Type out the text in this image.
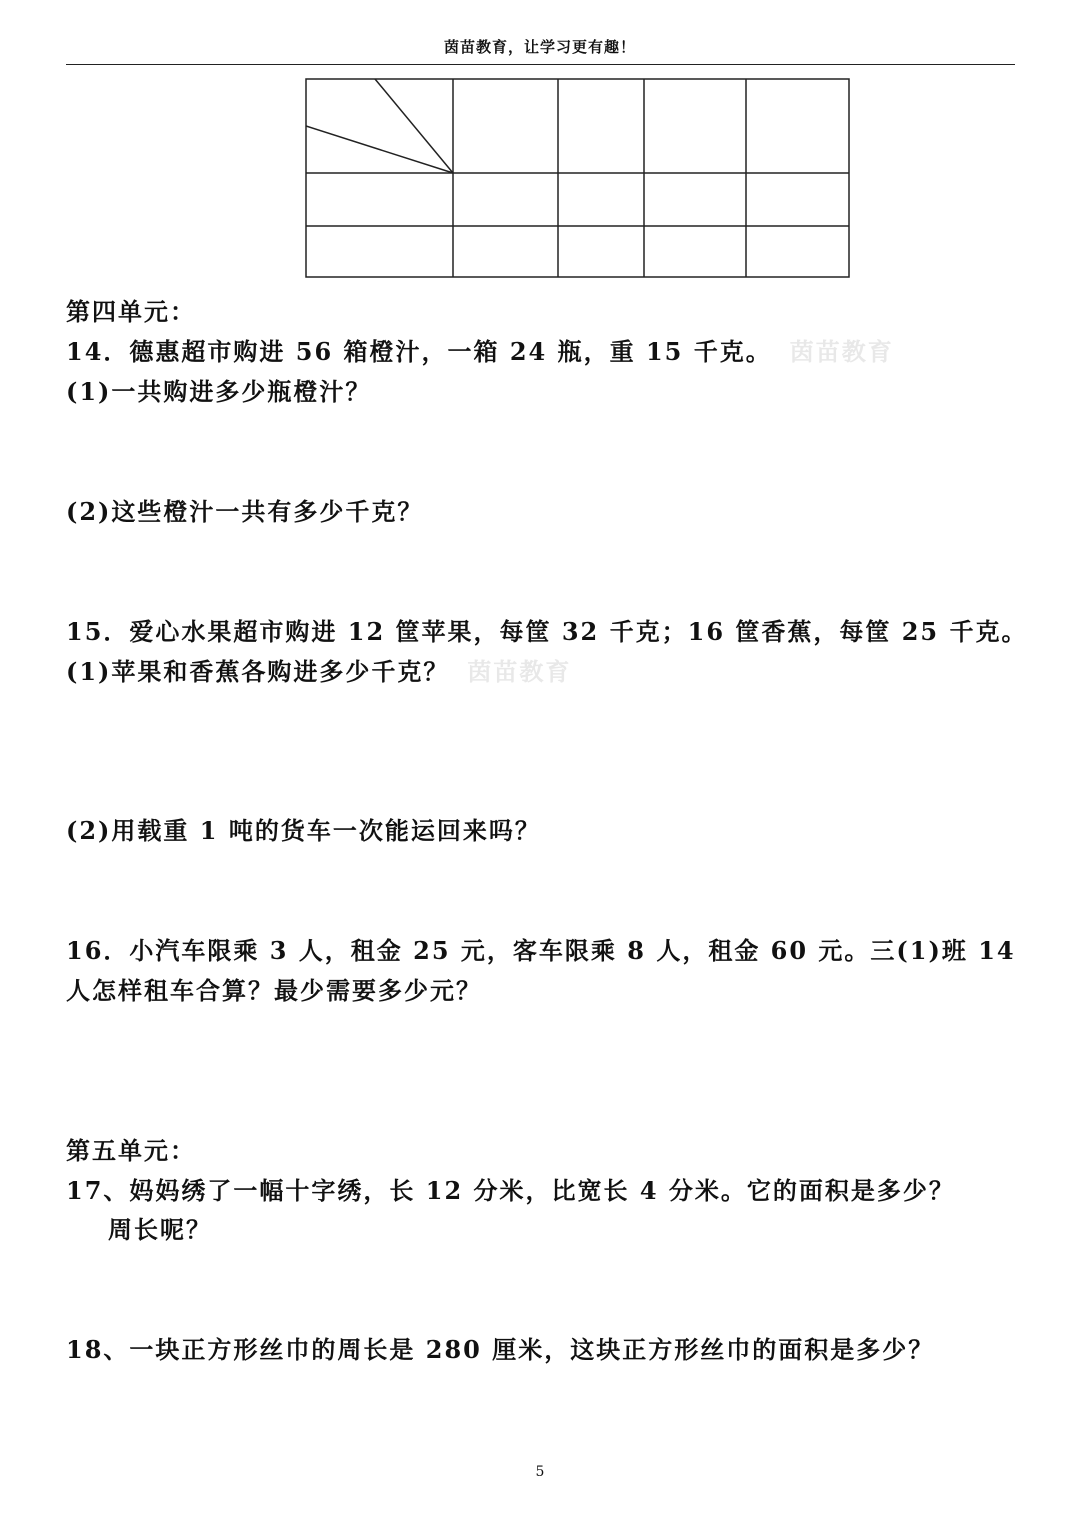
茵苗教育，让学习更有趣！
第四单元：
14．德惠超市购进 56 箱橙汁，一箱 24 瓶，重 15 千克。 茵苗教育
(1)一共购进多少瓶橙汁？
(2)这些橙汁一共有多少千克？
15．爱心水果超市购进 12 筐苹果，每筐 32 千克；16 筐香蕉，每筐 25 千克。
(1)苹果和香蕉各购进多少千克？ 茵苗教育
(2)用载重 1 吨的货车一次能运回来吗？
16．小汽车限乘 3 人，租金 25 元，客车限乘 8 人，租金 60 元。三(1)班 14
人怎样租车合算？最少需要多少元？
第五单元：
17、妈妈绣了一幅十字绣，长 12 分米，比宽长 4 分米。它的面积是多少？
周长呢？
18、一块正方形丝巾的周长是 280 厘米，这块正方形丝巾的面积是多少？
5
